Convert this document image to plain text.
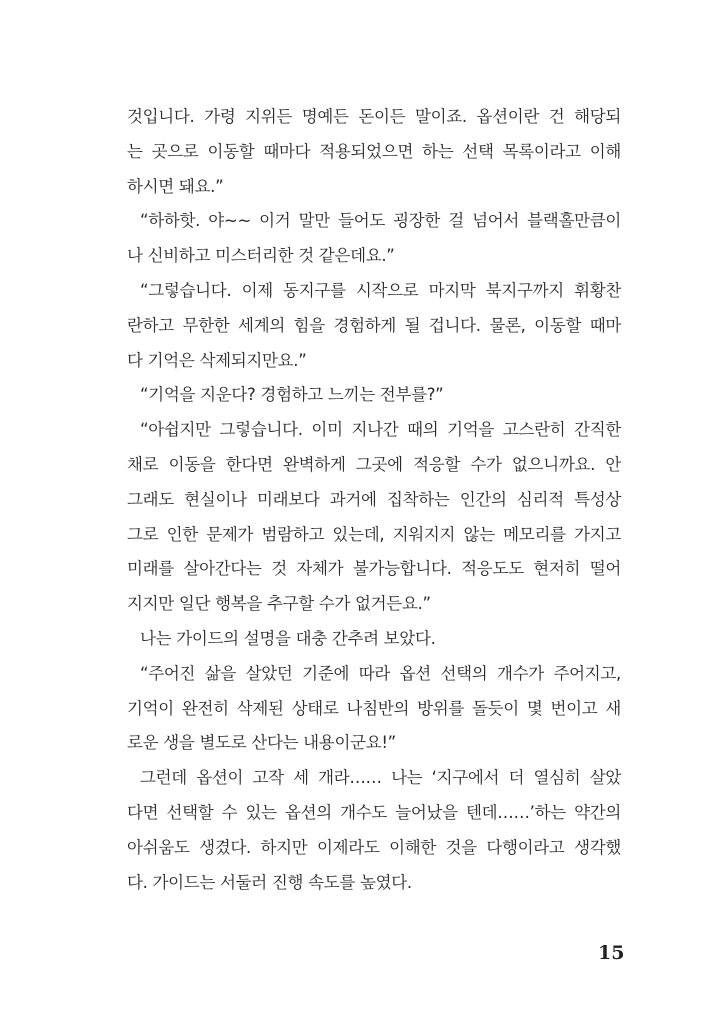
것입니다. 가령 지위든 명예든 돈이든 말이죠. 옵션이란 건 해당되
는 곳으로 이동할 때마다 적용되었으면 하는 선택 목록이라고 이해
하시면 돼요.”
“하하핫. 야~~ 이거 말만 들어도 굉장한 걸 넘어서 블랙홀만큼이
나 신비하고 미스터리한 것 같은데요.”
“그렇습니다. 이제 동지구를 시작으로 마지막 북지구까지 휘황찬
란하고 무한한 세계의 힘을 경험하게 될 겁니다. 물론, 이동할 때마
다 기억은 삭제되지만요.”
“기억을 지운다? 경험하고 느끼는 전부를?”
“아쉽지만 그렇습니다. 이미 지나간 때의 기억을 고스란히 간직한
채로 이동을 한다면 완벽하게 그곳에 적응할 수가 없으니까요. 안
그래도 현실이나 미래보다 과거에 집착하는 인간의 심리적 특성상
그로 인한 문제가 범람하고 있는데, 지워지지 않는 메모리를 가지고
미래를 살아간다는 것 자체가 불가능합니다. 적응도도 현저히 떨어
지지만 일단 행복을 추구할 수가 없거든요.”
나는 가이드의 설명을 대충 간추려 보았다.
“주어진 삶을 살았던 기준에 따라 옵션 선택의 개수가 주어지고,
기억이 완전히 삭제된 상태로 나침반의 방위를 돌듯이 몇 번이고 새
로운 생을 별도로 산다는 내용이군요!”
그런데 옵션이 고작 세 개라…… 나는 ‘지구에서 더 열심히 살았
다면 선택할 수 있는 옵션의 개수도 늘어났을 텐데……’하는 약간의
아쉬움도 생겼다. 하지만 이제라도 이해한 것을 다행이라고 생각했
다. 가이드는 서둘러 진행 속도를 높였다.
15
